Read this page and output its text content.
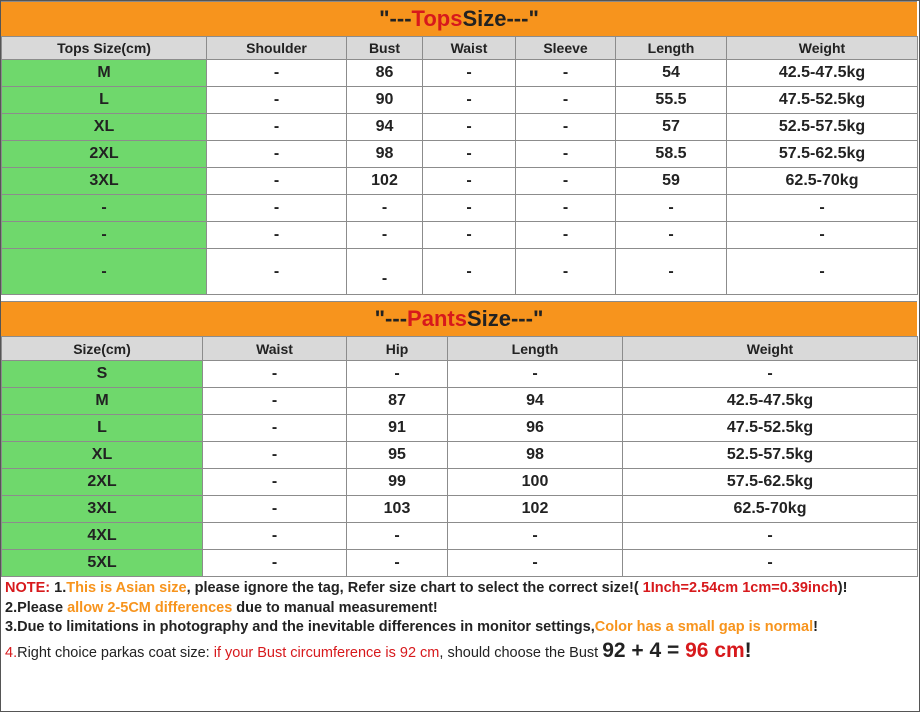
"--- Tops Size---"
Tops Size(cm)	Shoulder	Bust	Waist	Sleeve	Length	Weight
M	-	86	-	-	54	42.5-47.5kg
L	-	90	-	-	55.5	47.5-52.5kg
XL	-	94	-	-	57	52.5-57.5kg
2XL	-	98	-	-	58.5	57.5-62.5kg
3XL	-	102	-	-	59	62.5-70kg
-	-	-	-	-	-	-
-	-	-	-	-	-	-
-	-	-	-	-	-	-
"--- Pants Size---"
Size(cm)	Waist	Hip	Length	Weight
S	-	-	-	-
M	-	87	94	42.5-47.5kg
L	-	91	96	47.5-52.5kg
XL	-	95	98	52.5-57.5kg
2XL	-	99	100	57.5-62.5kg
3XL	-	103	102	62.5-70kg
4XL	-	-	-	-
5XL	-	-	-	-

NOTE: 1.This is Asian size, please ignore the tag, Refer size chart to select the correct size!( 1Inch=2.54cm 1cm=0.39inch)!

2.Please allow 2-5CM differences due to manual measurement!

3.Due to limitations in photography and the inevitable differences in monitor settings,Color has a small gap is normal!

4.Right choice parkas coat size: if your Bust circumference is 92 cm, should choose the Bust 92 + 4 = 96 cm!
